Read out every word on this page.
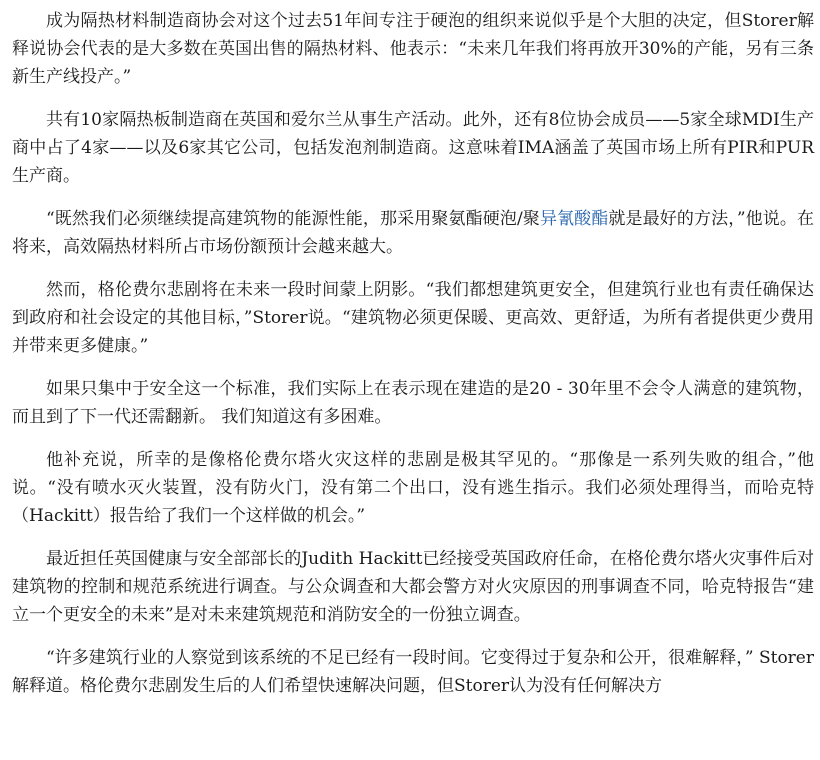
成为隔热材料制造商协会对这个过去51年间专注于硬泡的组织来说似乎是个大胆的决定，但Storer解释说协会代表的是大多数在英国出售的隔热材料、他表示：“未来几年我们将再放开30%的产能，另有三条新生产线投产。”

共有10家隔热板制造商在英国和爱尔兰从事生产活动。此外，还有8位协会成员——5家全球MDI生产商中占了4家——以及6家其它公司，包括发泡剂制造商。这意味着IMA涵盖了英国市场上所有PIR和PUR生产商。

“既然我们必须继续提高建筑物的能源性能，那采用聚氨酯硬泡/聚异氰酸酯就是最好的方法，”他说。在将来，高效隔热材料所占市场份额预计会越来越大。

然而，格伦费尔悲剧将在未来一段时间蒙上阴影。“我们都想建筑更安全，但建筑行业也有责任确保达到政府和社会设定的其他目标，”Storer说。“建筑物必须更保暖、更高效、更舒适，为所有者提供更少费用并带来更多健康。”

如果只集中于安全这一个标准，我们实际上在表示现在建造的是20 - 30年里不会令人满意的建筑物，而且到了下一代还需翻新。 我们知道这有多困难。

他补充说，所幸的是像格伦费尔塔火灾这样的悲剧是极其罕见的。“那像是一系列失败的组合，”他说。“没有喷水灭火装置，没有防火门，没有第二个出口，没有逃生指示。我们必须处理得当，而哈克特（Hackitt）报告给了我们一个这样做的机会。”

最近担任英国健康与安全部部长的Judith Hackitt已经接受英国政府任命，在格伦费尔塔火灾事件后对建筑物的控制和规范系统进行调查。与公众调查和大都会警方对火灾原因的刑事调查不同，哈克特报告“建立一个更安全的未来”是对未来建筑规范和消防安全的一份独立调查。

“许多建筑行业的人察觉到该系统的不足已经有一段时间。它变得过于复杂和公开，很难解释，” Storer解释道。格伦费尔悲剧发生后的人们希望快速解决问题，但Storer认为没有任何解决方
